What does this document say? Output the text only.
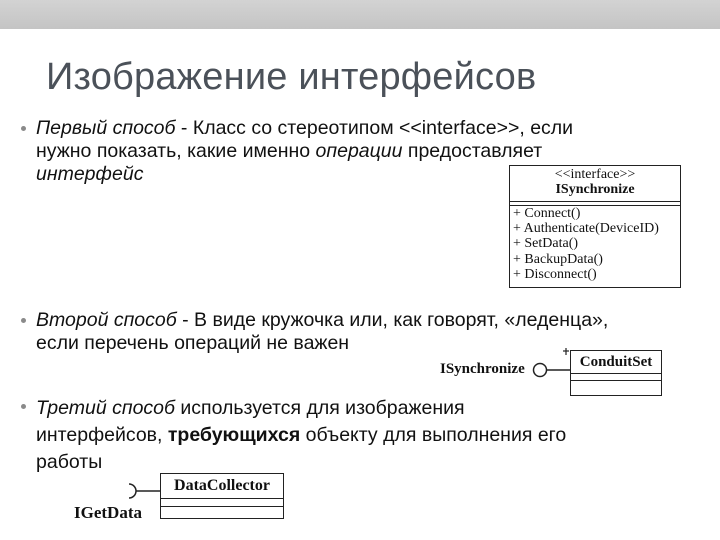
Изображение интерфейсов
Первый способ - Класс со стереотипом <<interface>>, если
нужно показать, какие именно операции предоставляет
интерфейс	<<interface>>
ISynchronize
+ Connect()
+ Authenticate(DeviceID)
+ SetData()
+ BackupData()
+ Disconnect()
Второй способ - В виде кружочка или, как говорят, «леденца»,
если перечень операций не важен
ISynchronize	ConduitSet
Третий способ используется для изображения
интерфейсов, требующихся объекту для выполнения его
работы
IGetData
DataCollector
